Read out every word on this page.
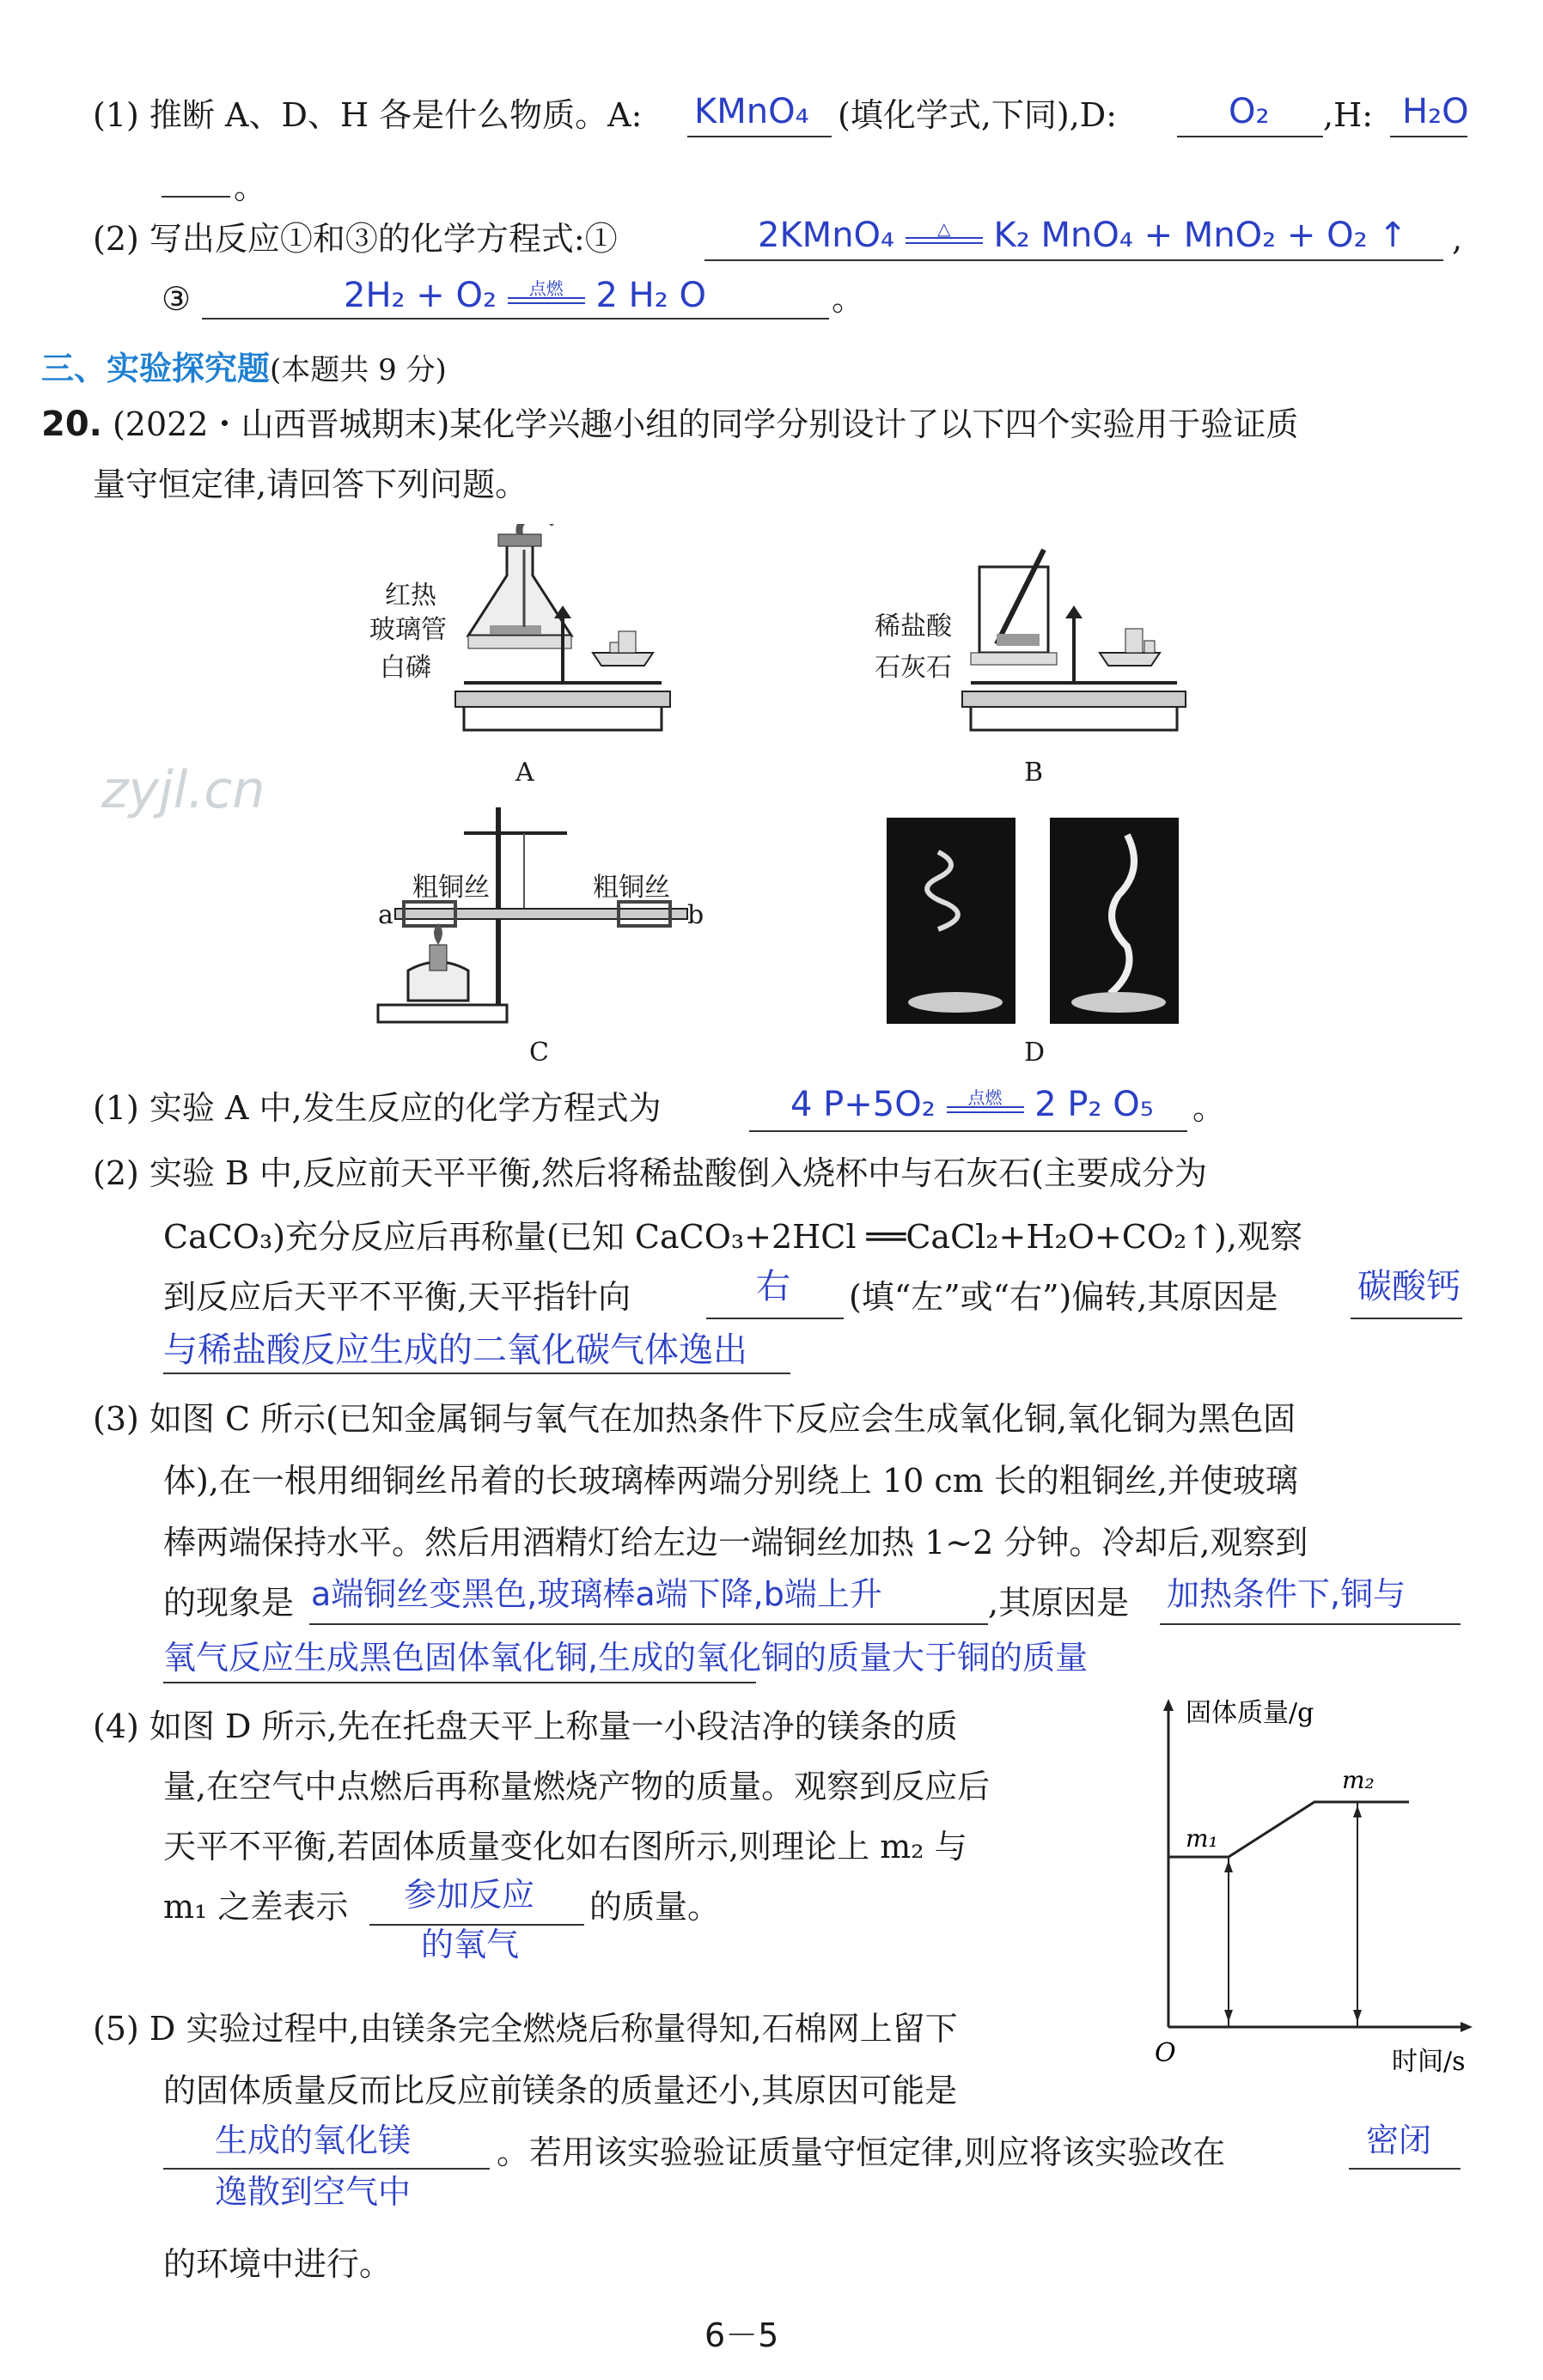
(1) 推断 A、D、H 各是什么物质。A: KMnO₄ (填化学式,下同),D:	O₂ ,H: H₂O
。
(2) 写出反应①和③的化学方程式:①	2KMnO₄	△	K₂ MnO₄ + MnO₂ + O₂ ↑ ,
③	2H₂ + O₂	点燃 2 H₂ O	。
三、实验探究题(本题共 9 分)
20. (2022・山西晋城期末)某化学兴趣小组的同学分别设计了以下四个实验用于验证质
量守恒定律,请回答下列问题。
红热
玻璃管
白磷
A
稀盐酸
石灰石
B
zyjl.cn
粗铜丝	粗铜丝
a	b
C	D
(1) 实验 A 中,发生反应的化学方程式为	4 P+5O₂	点燃 2 P₂ O₅ 。
(2) 实验 B 中,反应前天平平衡,然后将稀盐酸倒入烧杯中与石灰石(主要成分为
CaCO₃)充分反应后再称量(已知 CaCO₃+2HCl ══CaCl₂+H₂O+CO₂↑),观察
到反应后天平不平衡,天平指针向	右 (填“左”或“右”)偏转,其原因是 碳酸钙
与稀盐酸反应生成的二氧化碳气体逸出
(3) 如图 C 所示(已知金属铜与氧气在加热条件下反应会生成氧化铜,氧化铜为黑色固
体),在一根用细铜丝吊着的长玻璃棒两端分别绕上 10 cm 长的粗铜丝,并使玻璃
棒两端保持水平。然后用酒精灯给左边一端铜丝加热 1~2 分钟。冷却后,观察到
的现象是 a端铜丝变黑色,玻璃棒a端下降,b端上升	,其原因是 加热条件下,铜与
氧气反应生成黑色固体氧化铜,生成的氧化铜的质量大于铜的质量
(4) 如图 D 所示,先在托盘天平上称量一小段洁净的镁条的质
量,在空气中点燃后再称量燃烧产物的质量。观察到反应后
天平不平衡,若固体质量变化如右图所示,则理论上 m₂ 与
m₁ 之差表示 参加反应
的氧气
的质量。
固体质量/g
时间/s
O
m₁
m₂
(5) D 实验过程中,由镁条完全燃烧后称量得知,石棉网上留下
的固体质量反而比反应前镁条的质量还小,其原因可能是
生成的氧化镁
逸散到空气中
。若用该实验验证质量守恒定律,则应将该实验改在	密闭
的环境中进行。
6－5
